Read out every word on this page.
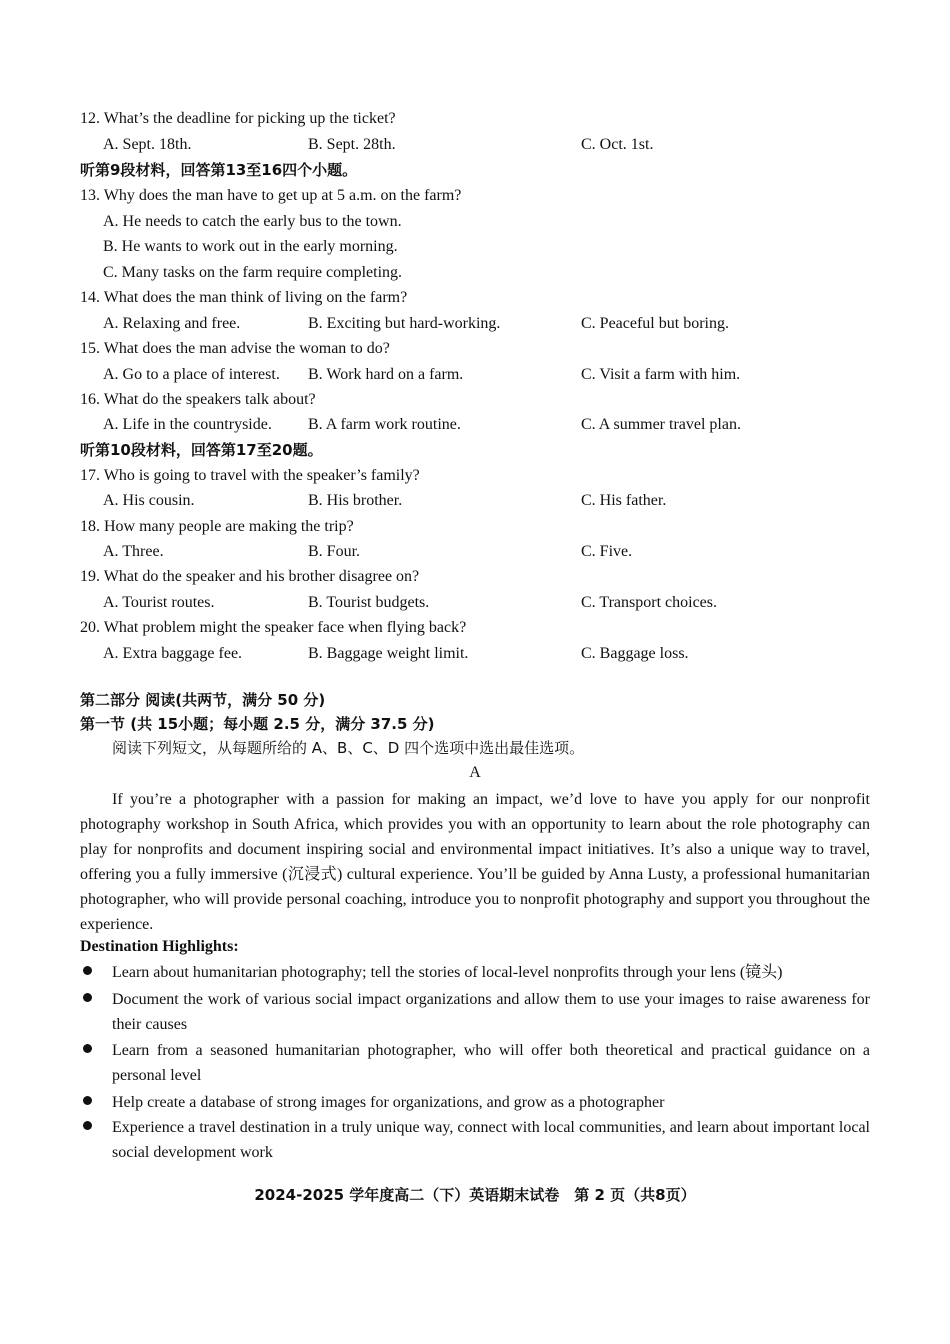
12. What’s the deadline for picking up the ticket?
A. Sept. 18th.	B. Sept. 28th.	C. Oct. 1st.
听第9段材料，回答第13至16四个小题。
13. Why does the man have to get up at 5 a.m. on the farm?
A. He needs to catch the early bus to the town.
B. He wants to work out in the early morning.
C. Many tasks on the farm require completing.
14. What does the man think of living on the farm?
A. Relaxing and free.	B. Exciting but hard-working.	C. Peaceful but boring.
15. What does the man advise the woman to do?
A. Go to a place of interest. B. Work hard on a farm.	C. Visit a farm with him.
16. What do the speakers talk about?
A. Life in the countryside. B. A farm work routine.	C. A summer travel plan.
听第10段材料，回答第17至20题。
17. Who is going to travel with the speaker’s family?
A. His cousin.	B. His brother.	C. His father.
18. How many people are making the trip?
A. Three.	B. Four.	C. Five.
19. What do the speaker and his brother disagree on?
A. Tourist routes.	B. Tourist budgets.	C. Transport choices.
20. What problem might the speaker face when flying back?
A. Extra baggage fee.	B. Baggage weight limit.	C. Baggage loss.
第二部分 阅读(共两节，满分 50 分)
第一节 (共 15小题；每小题 2.5 分，满分 37.5 分)
阅读下列短文，从每题所给的 A、B、C、D 四个选项中选出最佳选项。
A
If you’re a photographer with a passion for making an impact, we’d love to have you apply for our nonprofit photography workshop in South Africa, which provides you with an opportunity to learn about the role photography can play for nonprofits and document inspiring social and environmental impact initiatives. It’s also a unique way to travel, offering you a fully immersive (沉浸式) cultural experience. You’ll be guided by Anna Lusty, a professional humanitarian photographer, who will provide personal coaching, introduce you to nonprofit photography and support you throughout the experience.
Destination Highlights:
Learn about humanitarian photography; tell the stories of local-level nonprofits through your lens (镜头)
Document the work of various social impact organizations and allow them to use your images to raise awareness for their causes
Learn from a seasoned humanitarian photographer, who will offer both theoretical and practical guidance on a personal level
Help create a database of strong images for organizations, and grow as a photographer
Experience a travel destination in a truly unique way, connect with local communities, and learn about important local social development work
2024-2025 学年度高二（下）英语期末试卷　第 2 页（共8页）
